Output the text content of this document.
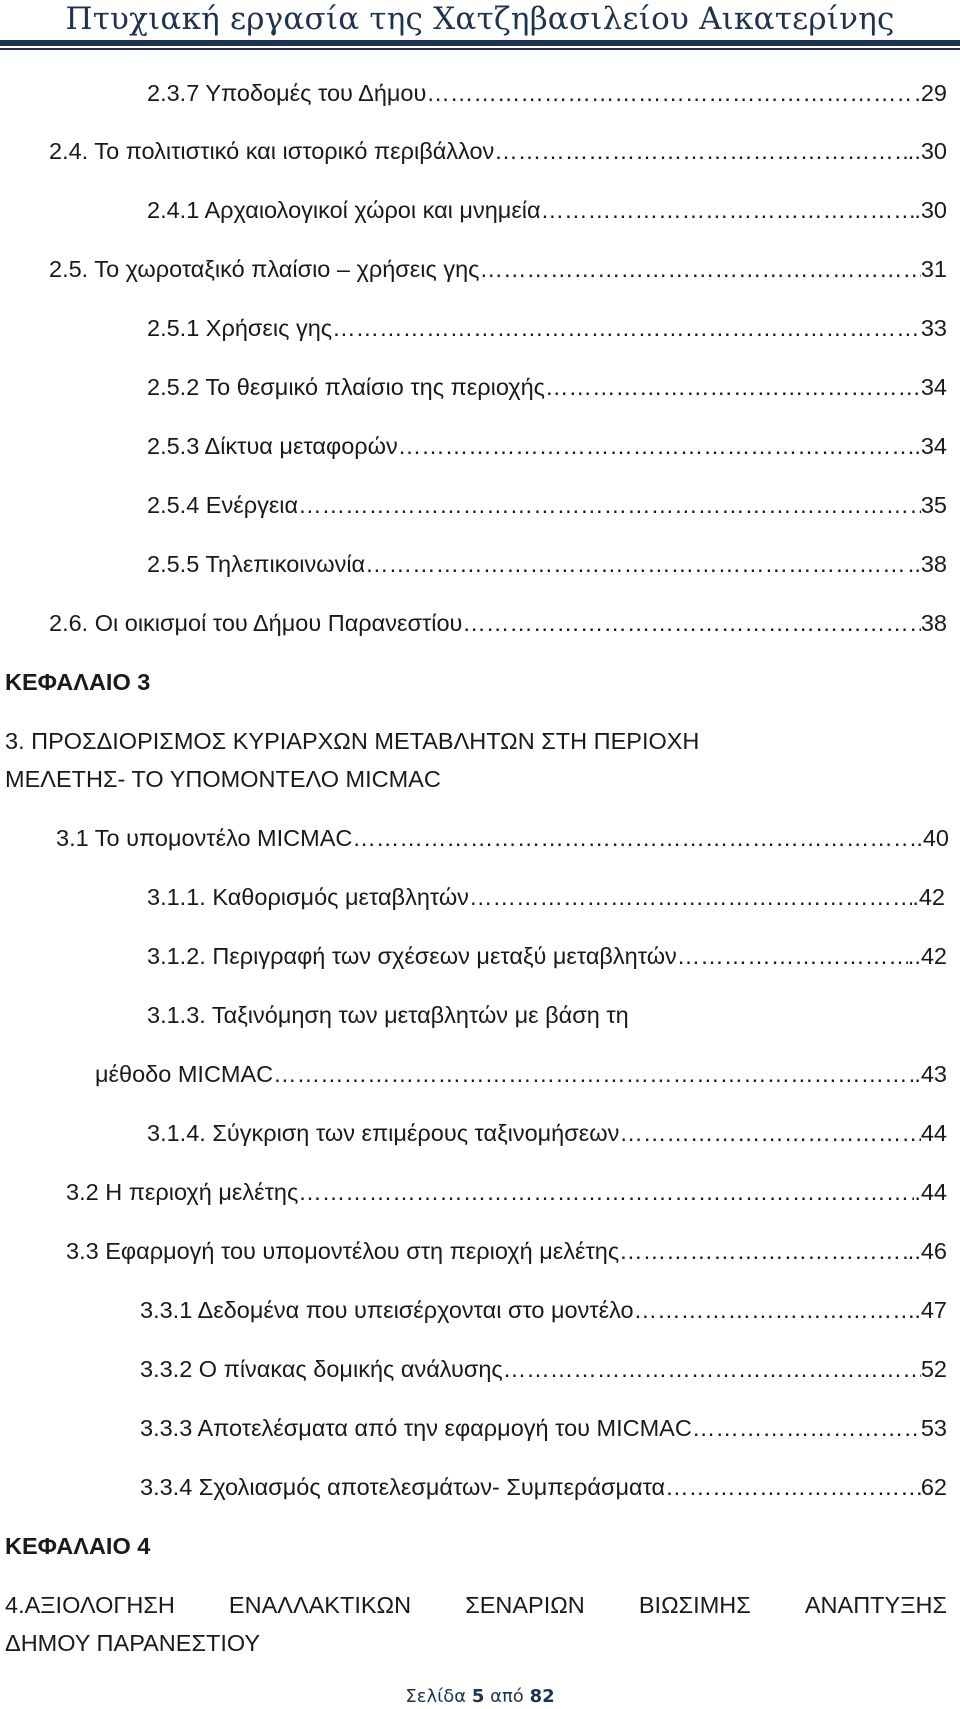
Πτυχιακή εργασία της Χατζηβασιλείου Αικατερίνης
2.3.7 Υποδομές του Δήμου ………………………………………………………………………………………………………………………………	.29
2.4. Το πολιτιστικό και ιστορικό περιβάλλον ………………………………………………………………………………………………………………………………	..30
2.4.1 Αρχαιολογικοί χώροι και μνημεία ………………………………………………………………………………………………………………………………	.30
2.5. Το χωροταξικό πλαίσιο – χρήσεις γης ………………………………………………………………………………………………………………………………	31
2.5.1 Χρήσεις γης ………………………………………………………………………………………………………………………………	33
2.5.2 Το θεσμικό πλαίσιο της περιοχής ………………………………………………………………………………………………………………………………	34
2.5.3 Δίκτυα μεταφορών ………………………………………………………………………………………………………………………………	..34
2.5.4 Ενέργεια ………………………………………………………………………………………………………………………………	35
2.5.5 Τηλεπικοινωνία ………………………………………………………………………………………………………………………………	..38
2.6. Οι οικισμοί του Δήμου Παρανεστίου ………………………………………………………………………………………………………………………………	38
ΚΕΦΑΛΑΙΟ 3
3. ΠΡΟΣΔΙΟΡΙΣΜΟΣ ΚΥΡΙΑΡΧΩΝ ΜΕΤΑΒΛΗΤΩΝ ΣΤΗ ΠΕΡΙΟΧΗ
ΜΕΛΕΤΗΣ- ΤΟ ΥΠΟΜΟΝΤΕΛΟ MICMAC
3.1 Το υπομοντέλο MICMAC ………………………………………………………………………………………………………………………………	..40
3.1.1. Καθορισμός μεταβλητών ………………………………………………………………………………………………………………………………	.42
3.1.2. Περιγραφή των σχέσεων μεταξύ μεταβλητών ………………………………………………………………………………………………………………………………	..42
3.1.3. Ταξινόμηση των μεταβλητών με βάση τη
μέθοδο MICMAC ………………………………………………………………………………………………………………………………	.43
3.1.4. Σύγκριση των επιμέρους ταξινομήσεων ………………………………………………………………………………………………………………………………	44
3.2 Η περιοχή μελέτης ………………………………………………………………………………………………………………………………	.44
3.3 Εφαρμογή του υπομοντέλου στη περιοχή μελέτης ………………………………………………………………………………………………………………………………	..46
3.3.1 Δεδομένα που υπεισέρχονται στο μοντέλο ………………………………………………………………………………………………………………………………	.47
3.3.2 Ο πίνακας δομικής ανάλυσης ………………………………………………………………………………………………………………………………	52
3.3.3 Αποτελέσματα από την εφαρμογή του MICMAC ………………………………………………………………………………………………………………………………	53
3.3.4 Σχολιασμός αποτελεσμάτων- Συμπεράσματα ………………………………………………………………………………………………………………………………	62
ΚΕΦΑΛΑΙΟ 4
4.ΑΞΙΟΛΟΓΗΣΗ ΕΝΑΛΛΑΚΤΙΚΩΝ ΣΕΝΑΡΙΩΝ ΒΙΩΣΙΜΗΣ ΑΝΑΠΤΥΞΗΣ
ΔΗΜΟΥ ΠΑΡΑΝΕΣΤΙΟΥ
Σελίδα 5 από 82
